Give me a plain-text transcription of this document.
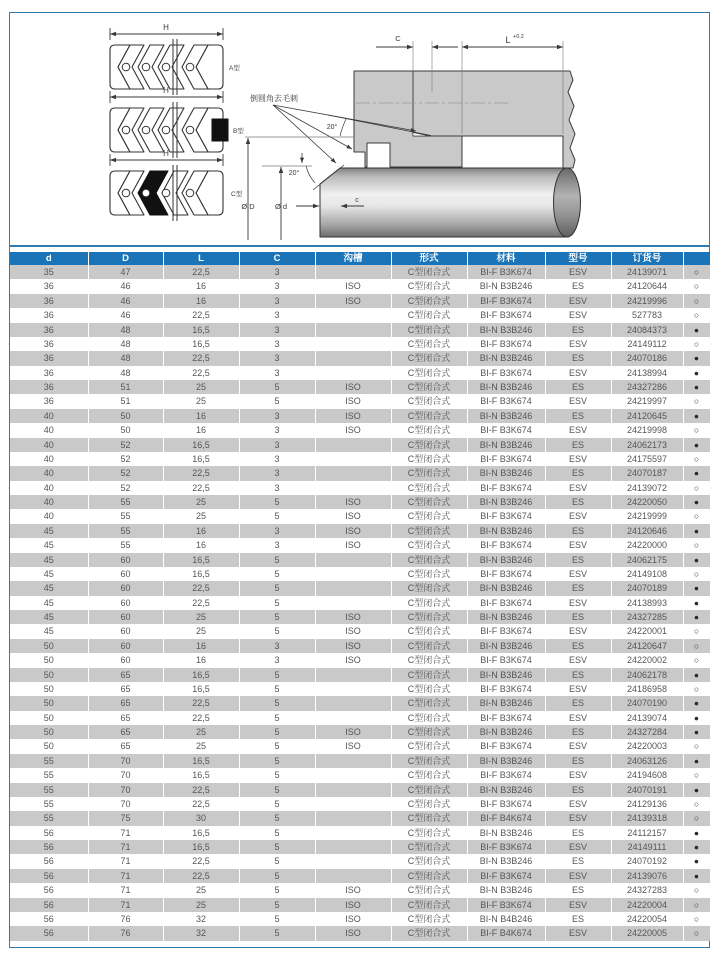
H
A型
H
B型
H
C型
C	L +0.2
20°
20°
倒圆角去毛刺
Ø D	Ø d
c
d	D	L	C	沟槽	形式	材料	型号	订货号	
35	47	22,5	3		C型闭合式	BI-F B3K674	ESV	24139071	○
36	46	16	3	ISO	C型闭合式	BI-N B3B246	ES	24120644	○
36	46	16	3	ISO	C型闭合式	BI-F B3K674	ESV	24219996	○
36	46	22,5	3		C型闭合式	BI-F B3K674	ESV	527783	○
36	48	16,5	3		C型闭合式	BI-N B3B246	ES	24084373	●
36	48	16,5	3		C型闭合式	BI-F B3K674	ESV	24149112	○
36	48	22,5	3		C型闭合式	BI-N B3B246	ES	24070186	●
36	48	22,5	3		C型闭合式	BI-F B3K674	ESV	24138994	●
36	51	25	5	ISO	C型闭合式	BI-N B3B246	ES	24327286	●
36	51	25	5	ISO	C型闭合式	BI-F B3K674	ESV	24219997	○
40	50	16	3	ISO	C型闭合式	BI-N B3B246	ES	24120645	●
40	50	16	3	ISO	C型闭合式	BI-F B3K674	ESV	24219998	○
40	52	16,5	3		C型闭合式	BI-N B3B246	ES	24062173	●
40	52	16,5	3		C型闭合式	BI-F B3K674	ESV	24175597	○
40	52	22,5	3		C型闭合式	BI-N B3B246	ES	24070187	●
40	52	22,5	3		C型闭合式	BI-F B3K674	ESV	24139072	○
40	55	25	5	ISO	C型闭合式	BI-N B3B246	ES	24220050	●
40	55	25	5	ISO	C型闭合式	BI-F B3K674	ESV	24219999	○
45	55	16	3	ISO	C型闭合式	BI-N B3B246	ES	24120646	●
45	55	16	3	ISO	C型闭合式	BI-F B3K674	ESV	24220000	○
45	60	16,5	5		C型闭合式	BI-N B3B246	ES	24062175	●
45	60	16,5	5		C型闭合式	BI-F B3K674	ESV	24149108	○
45	60	22,5	5		C型闭合式	BI-N B3B246	ES	24070189	●
45	60	22,5	5		C型闭合式	BI-F B3K674	ESV	24138993	●
45	60	25	5	ISO	C型闭合式	BI-N B3B246	ES	24327285	●
45	60	25	5	ISO	C型闭合式	BI-F B3K674	ESV	24220001	○
50	60	16	3	ISO	C型闭合式	BI-N B3B246	ES	24120647	○
50	60	16	3	ISO	C型闭合式	BI-F B3K674	ESV	24220002	○
50	65	16,5	5		C型闭合式	BI-N B3B246	ES	24062178	●
50	65	16,5	5		C型闭合式	BI-F B3K674	ESV	24186958	○
50	65	22,5	5		C型闭合式	BI-N B3B246	ES	24070190	●
50	65	22,5	5		C型闭合式	BI-F B3K674	ESV	24139074	●
50	65	25	5	ISO	C型闭合式	BI-N B3B246	ES	24327284	●
50	65	25	5	ISO	C型闭合式	BI-F B3K674	ESV	24220003	○
55	70	16,5	5		C型闭合式	BI-N B3B246	ES	24063126	●
55	70	16,5	5		C型闭合式	BI-F B3K674	ESV	24194608	○
55	70	22,5	5		C型闭合式	BI-N B3B246	ES	24070191	●
55	70	22,5	5		C型闭合式	BI-F B3K674	ESV	24129136	○
55	75	30	5		C型闭合式	BI-F B4K674	ESV	24139318	○
56	71	16,5	5		C型闭合式	BI-N B3B246	ES	24112157	●
56	71	16,5	5		C型闭合式	BI-F B3K674	ESV	24149111	●
56	71	22,5	5		C型闭合式	BI-N B3B246	ES	24070192	●
56	71	22,5	5		C型闭合式	BI-F B3K674	ESV	24139076	●
56	71	25	5	ISO	C型闭合式	BI-N B3B246	ES	24327283	○
56	71	25	5	ISO	C型闭合式	BI-F B3K674	ESV	24220004	○
56	76	32	5	ISO	C型闭合式	BI-N B4B246	ES	24220054	○
56	76	32	5	ISO	C型闭合式	BI-F B4K674	ESV	24220005	○
